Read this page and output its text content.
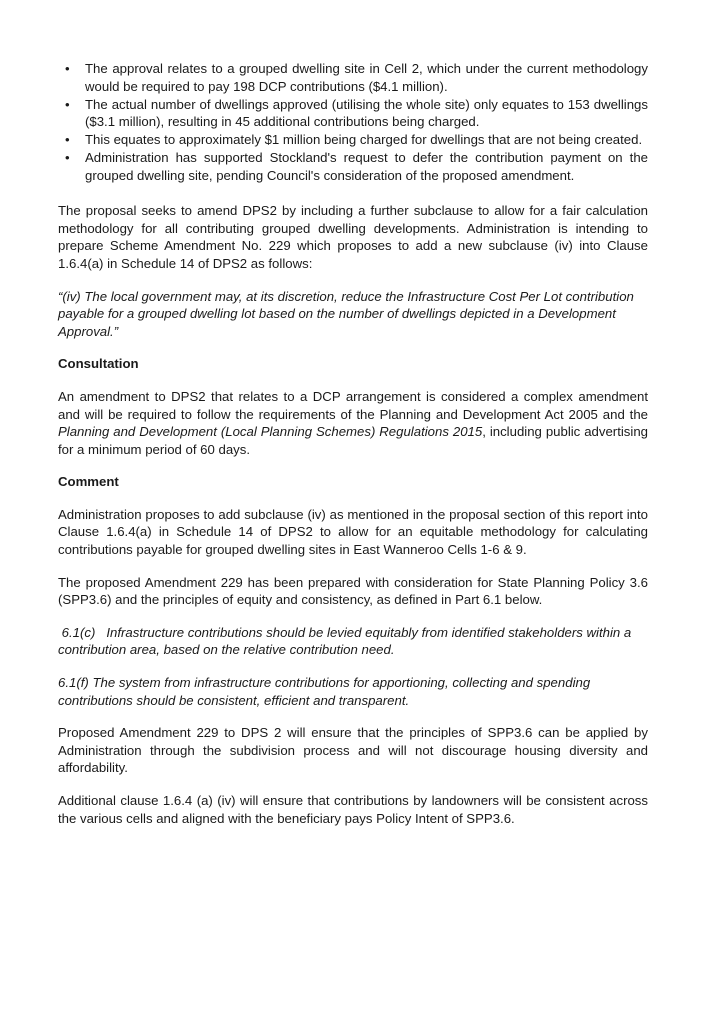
• The approval relates to a grouped dwelling site in Cell 2, which under the current methodology would be required to pay 198 DCP contributions ($4.1 million).
• The actual number of dwellings approved (utilising the whole site) only equates to 153 dwellings ($3.1 million), resulting in 45 additional contributions being charged.
• This equates to approximately $1 million being charged for dwellings that are not being created.
• Administration has supported Stockland's request to defer the contribution payment on the grouped dwelling site, pending Council's consideration of the proposed amendment.

The proposal seeks to amend DPS2 by including a further subclause to allow for a fair calculation methodology for all contributing grouped dwelling developments. Administration is intending to prepare Scheme Amendment No. 229 which proposes to add a new subclause (iv) into Clause 1.6.4(a) in Schedule 14 of DPS2 as follows:

“(iv) The local government may, at its discretion, reduce the Infrastructure Cost Per Lot contribution payable for a grouped dwelling lot based on the number of dwellings depicted in a Development Approval.”

Consultation

An amendment to DPS2 that relates to a DCP arrangement is considered a complex amendment and will be required to follow the requirements of the Planning and Development Act 2005 and the Planning and Development (Local Planning Schemes) Regulations 2015, including public advertising for a minimum period of 60 days.

Comment

Administration proposes to add subclause (iv) as mentioned in the proposal section of this report into Clause 1.6.4(a) in Schedule 14 of DPS2 to allow for an equitable methodology for calculating contributions payable for grouped dwelling sites in East Wanneroo Cells 1-6 & 9.

The proposed Amendment 229 has been prepared with consideration for State Planning Policy 3.6 (SPP3.6) and the principles of equity and consistency, as defined in Part 6.1 below.

6.1(c)   Infrastructure contributions should be levied equitably from identified stakeholders within a contribution area, based on the relative contribution need.

6.1(f) The system from infrastructure contributions for apportioning, collecting and spending contributions should be consistent, efficient and transparent.

Proposed Amendment 229 to DPS 2 will ensure that the principles of SPP3.6 can be applied by Administration through the subdivision process and will not discourage housing diversity and affordability.

Additional clause 1.6.4 (a) (iv) will ensure that contributions by landowners will be consistent across the various cells and aligned with the beneficiary pays Policy Intent of SPP3.6.
